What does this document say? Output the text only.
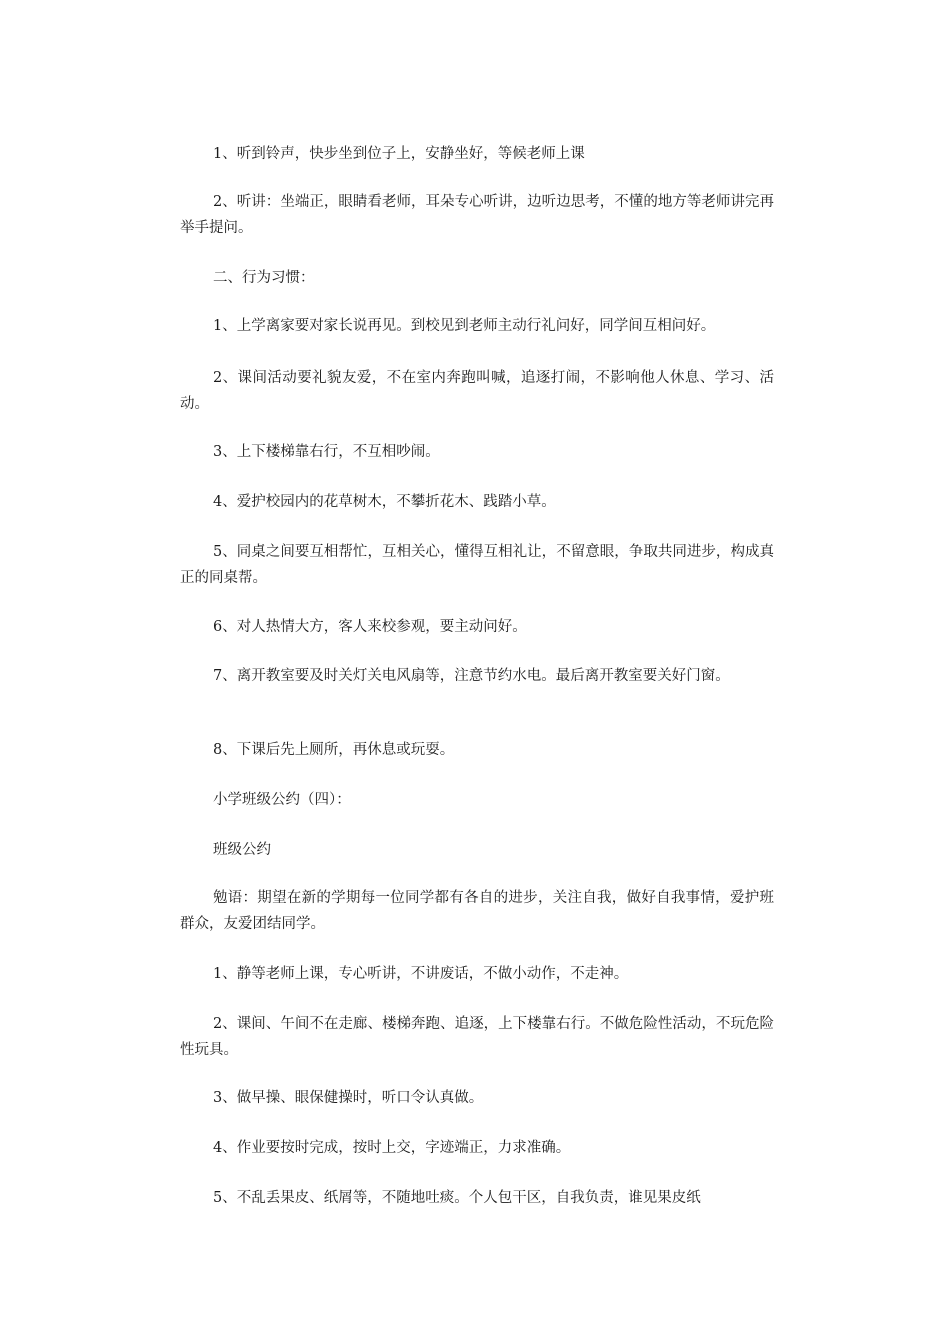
1、听到铃声，快步坐到位子上，安静坐好，等候老师上课

2、听讲：坐端正，眼睛看老师，耳朵专心听讲，边听边思考，不懂的地方等老师讲完再举手提问。

二、行为习惯：

1、上学离家要对家长说再见。到校见到老师主动行礼问好，同学间互相问好。

2、课间活动要礼貌友爱，不在室内奔跑叫喊，追逐打闹，不影响他人休息、学习、活动。

3、上下楼梯靠右行，不互相吵闹。

4、爱护校园内的花草树木，不攀折花木、践踏小草。

5、同桌之间要互相帮忙，互相关心，懂得互相礼让，不留意眼，争取共同进步，构成真正的同桌帮。

6、对人热情大方，客人来校参观，要主动问好。

7、离开教室要及时关灯关电风扇等，注意节约水电。最后离开教室要关好门窗。

8、下课后先上厕所，再休息或玩耍。

小学班级公约（四）：

班级公约

勉语：期望在新的学期每一位同学都有各自的进步，关注自我，做好自我事情，爱护班群众，友爱团结同学。

1、静等老师上课，专心听讲，不讲废话，不做小动作，不走神。

2、课间、午间不在走廊、楼梯奔跑、追逐，上下楼靠右行。不做危险性活动，不玩危险性玩具。

3、做早操、眼保健操时，听口令认真做。

4、作业要按时完成，按时上交，字迹端正，力求准确。

5、不乱丢果皮、纸屑等，不随地吐痰。个人包干区，自我负责，谁见果皮纸
